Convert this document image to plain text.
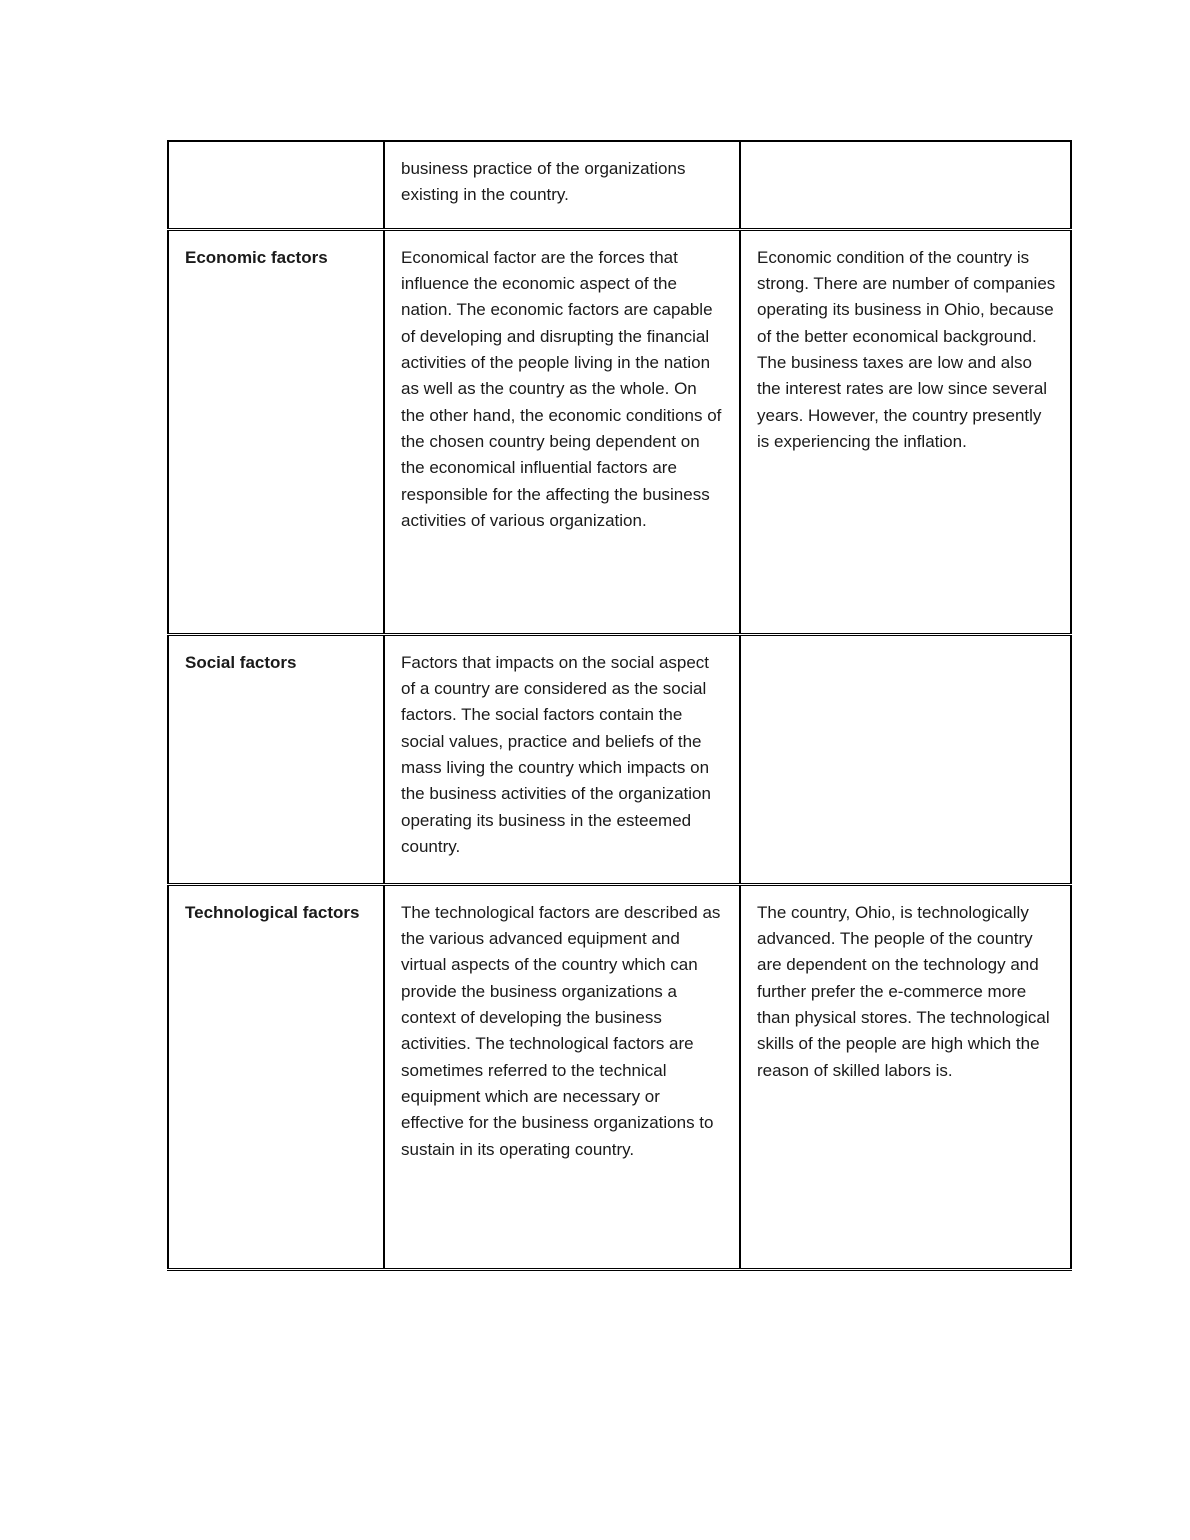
	business practice of the organizations existing in the country.	
Economic factors	Economical factor are the forces that influence the economic aspect of the nation. The economic factors are capable of developing and disrupting the financial activities of the people living in the nation as well as the country as the whole. On the other hand, the economic conditions of the chosen country being dependent on the economical influential factors are responsible for the affecting the business activities of various organization.	Economic condition of the country is strong. There are number of companies operating its business in Ohio, because of the better economical background. The business taxes are low and also the interest rates are low since several years. However, the country presently is experiencing the inflation.
Social factors	Factors that impacts on the social aspect of a country are considered as the social factors. The social factors contain the social values, practice and beliefs of the mass living the country which impacts on the business activities of the organization operating its business in the esteemed country.	
Technological factors	The technological factors are described as the various advanced equipment and virtual aspects of the country which can provide the business organizations a context of developing the business activities. The technological factors are sometimes referred to the technical equipment which are necessary or effective for the business organizations to sustain in its operating country.	The country, Ohio, is technologically advanced. The people of the country are dependent on the technology and further prefer the e-commerce more than physical stores. The technological skills of the people are high which the reason of skilled labors is.
